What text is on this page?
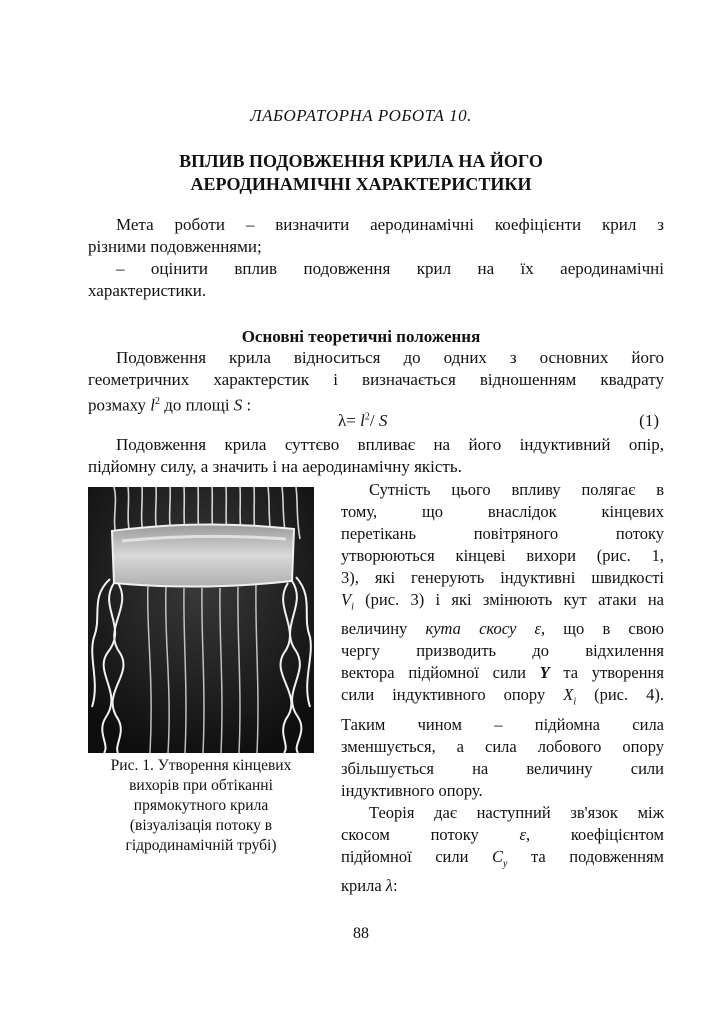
ЛАБОРАТОРНА РОБОТА 10.
ВПЛИВ ПОДОВЖЕННЯ КРИЛА НА ЙОГО
АЕРОДИНАМІЧНІ ХАРАКТЕРИСТИКИ
Мета роботи – визначити аеродинамічні коефіцієнти крил з
різними подовженнями;
– оцінити вплив подовження крил на їх аеродинамічні
характеристики.
Основні теоретичні положення
Подовження крила відноситься до одних з основних його
геометричних характерстик і визначається відношенням квадрату
розмаху $l^2$ до площі S :
$\lambda= l^2/$ S	(1)
Подовження крила суттєво впливає на його індуктивний опір,
підйомну силу, а значить і на аеродинамічну якість.
Рис. 1. Утворення кінцевих
вихорів при обтіканні
прямокутного крила
(візуалізація потоку в
гідродинамічній трубі)
Сутність цього впливу полягає в
тому, що внаслідок кінцевих
перетікань повітряного потоку
утворюються кінцеві вихори (рис. 1,
3), які генерують індуктивні швидкості
$V_i$ (рис. 3) і які змінюють кут атаки на
величину кута скосу ε, що в свою
чергу призводить до відхилення
вектора підйомної сили Y та утворення
сили індуктивного опору $X_i$ (рис. 4).
Таким чином – підйомна сила
зменшується, а сила лобового опору
збільшується на величину сили
індуктивного опору.
Теорія дає наступний зв'язок між
скосом потоку ε, коефіцієнтом
підйомної сили $C_y$ та подовженням
крила λ:
88
